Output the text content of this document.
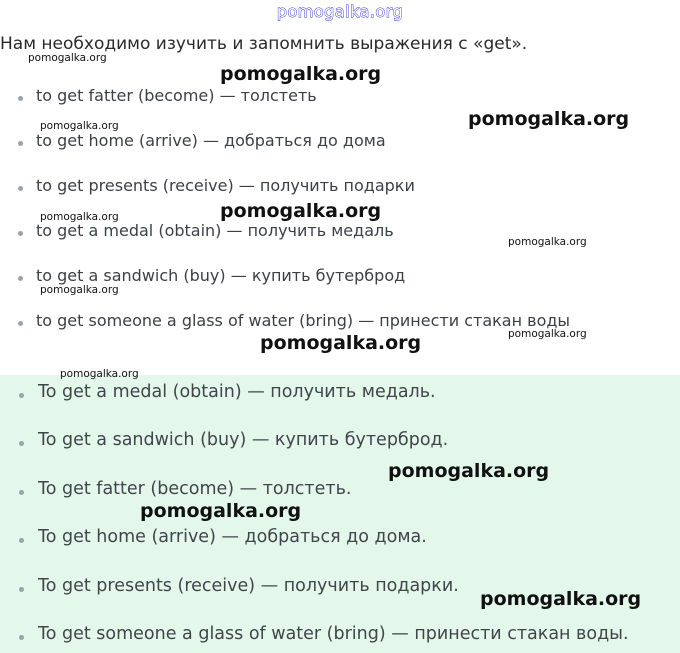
pomogalka.org
Нам необходимо изучить и запомнить выражения с «get».
to get fatter (become) — толстеть
to get home (arrive) — добраться до дома
to get presents (receive) — получить подарки
to get a medal (obtain) — получить медаль
to get a sandwich (buy) — купить бутерброд
to get someone a glass of water (bring) — принести стакан воды
To get a medal (obtain) — получить медаль.
To get a sandwich (buy) — купить бутерброд.
To get fatter (become) — толстеть.
To get home (arrive) — добраться до дома.
To get presents (receive) — получить подарки.
To get someone a glass of water (bring) — принести стакан воды.
pomogalka.org
pomogalka.org
pomogalka.org	pomogalka.org
pomogalka.org
pomogalka.org
pomogalka.org
pomogalka.org
pomogalka.org
pomogalka.org
pomogalka.org
pomogalka.org
pomogalka.org
pomogalka.org
